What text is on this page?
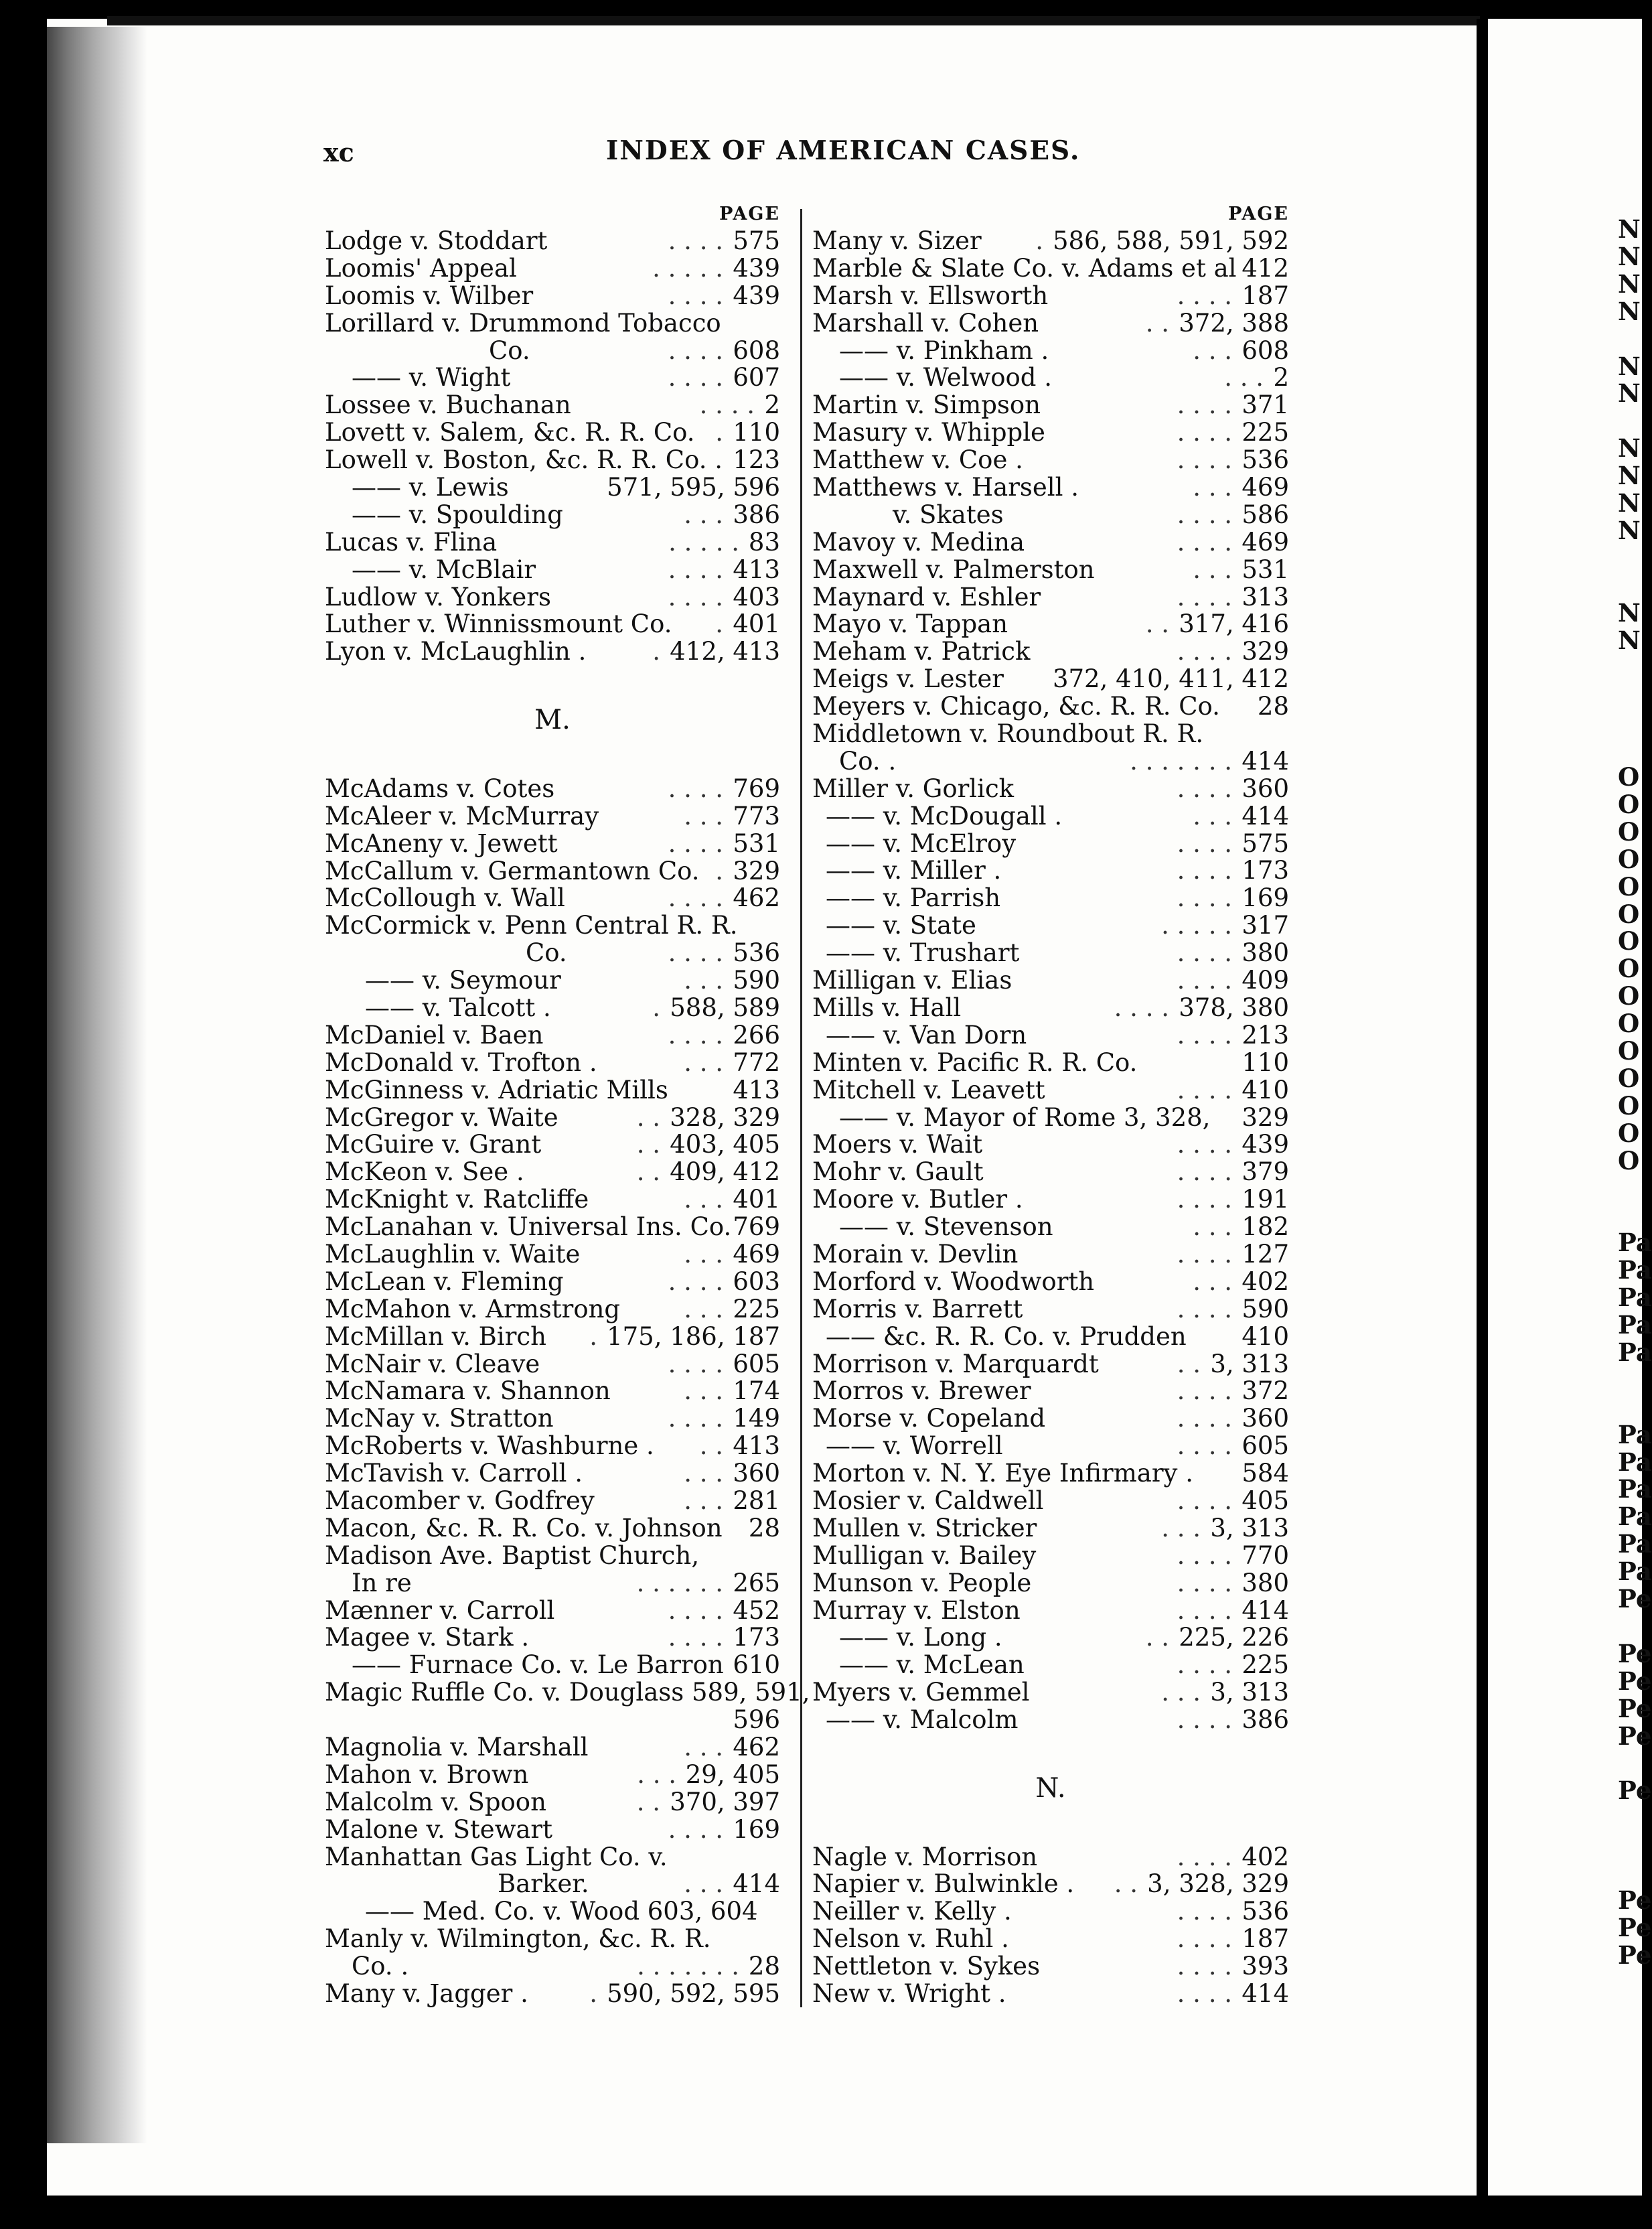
xc	INDEX OF AMERICAN CASES.
PAGE
Lodge v. Stoddart	. . . . 575
Loomis' Appeal	. . . . . 439
Loomis v. Wilber	. . . . 439
Lorillard v. Drummond Tobacco
Co.	. . . . 608
—— v. Wight	. . . . 607
Lossee v. Buchanan	. . . . 2
Lovett v. Salem, &c. R. R. Co. . 110
Lowell v. Boston, &c. R. R. Co. . 123
—— v. Lewis	571, 595, 596
—— v. Spoulding	. . . 386
Lucas v. Flina	. . . . . 83
—— v. McBlair	. . . . 413
Ludlow v. Yonkers	. . . . 403
Luther v. Winnissmount Co.	. 401
Lyon v. McLaughlin .	. 412, 413
M.
McAdams v. Cotes	. . . . 769
McAleer v. McMurray	. . . 773
McAneny v. Jewett	. . . . 531
McCallum v. Germantown Co. . 329
McCollough v. Wall	. . . . 462
McCormick v. Penn Central R. R.
Co.	. . . . 536
—— v. Seymour	. . . 590
—— v. Talcott .	. 588, 589
McDaniel v. Baen	. . . . 266
McDonald v. Trofton .	. . . 772
McGinness v. Adriatic Mills	413
McGregor v. Waite	. . 328, 329
McGuire v. Grant	. . 403, 405
McKeon v. See .	. . 409, 412
McKnight v. Ratcliffe	. . . 401
McLanahan v. Universal Ins. Co. 769
McLaughlin v. Waite	. . . 469
McLean v. Fleming	. . . . 603
McMahon v. Armstrong	. . . 225
McMillan v. Birch	. 175, 186, 187
McNair v. Cleave	. . . . 605
McNamara v. Shannon	. . . 174
McNay v. Stratton	. . . . 149
McRoberts v. Washburne .	. . 413
McTavish v. Carroll .	. . . 360
Macomber v. Godfrey	. . . 281
Macon, &c. R. R. Co. v. Johnson 28
Madison Ave. Baptist Church,
In re	. . . . . . 265
Mænner v. Carroll	. . . . 452
Magee v. Stark .	. . . . 173
—— Furnace Co. v. Le Barron 610
Magic Ruffle Co. v. Douglass 589, 591,
596
Magnolia v. Marshall	. . . 462
Mahon v. Brown	. . . 29, 405
Malcolm v. Spoon	. . 370, 397
Malone v. Stewart	. . . . 169
Manhattan Gas Light Co. v.
Barker.	. . . 414
—— Med. Co. v. Wood 603, 604
Manly v. Wilmington, &c. R. R.
Co. .	. . . . . . . 28
Many v. Jagger .	. 590, 592, 595
PAGE
Many v. Sizer	. 586, 588, 591, 592
Marble & Slate Co. v. Adams et al 412
Marsh v. Ellsworth	. . . . 187
Marshall v. Cohen	. . 372, 388
—— v. Pinkham .	. . . 608
—— v. Welwood .	. . . 2
Martin v. Simpson	. . . . 371
Masury v. Whipple	. . . . 225
Matthew v. Coe .	. . . . 536
Matthews v. Harsell .	. . . 469
v. Skates	. . . . 586
Mavoy v. Medina	. . . . 469
Maxwell v. Palmerston	. . . 531
Maynard v. Eshler	. . . . 313
Mayo v. Tappan	. . 317, 416
Meham v. Patrick	. . . . 329
Meigs v. Lester 372, 410, 411, 412
Meyers v. Chicago, &c. R. R. Co. 28
Middletown v. Roundbout R. R.
Co. .	. . . . . . . 414
Miller v. Gorlick	. . . . 360
—— v. McDougall .	. . . 414
—— v. McElroy	. . . . 575
—— v. Miller .	. . . . 173
—— v. Parrish	. . . . 169
—— v. State	. . . . . 317
—— v. Trushart	. . . . 380
Milligan v. Elias	. . . . 409
Mills v. Hall	. . . . 378, 380
—— v. Van Dorn	. . . . 213
Minten v. Pacific R. R. Co.	110
Mitchell v. Leavett	. . . . 410
—— v. Mayor of Rome 3, 328, 329
Moers v. Wait	. . . . 439
Mohr v. Gault	. . . . 379
Moore v. Butler .	. . . . 191
—— v. Stevenson	. . . 182
Morain v. Devlin	. . . . 127
Morford v. Woodworth	. . . 402
Morris v. Barrett	. . . . 590
—— &c. R. R. Co. v. Prudden 410
Morrison v. Marquardt	. . 3, 313
Morros v. Brewer	. . . . 372
Morse v. Copeland	. . . . 360
—— v. Worrell	. . . . 605
Morton v. N. Y. Eye Infirmary . 584
Mosier v. Caldwell	. . . . 405
Mullen v. Stricker	. . . 3, 313
Mulligan v. Bailey	. . . . 770
Munson v. People	. . . . 380
Murray v. Elston	. . . . 414
—— v. Long .	. . 225, 226
—— v. McLean	. . . . 225
Myers v. Gemmel	. . . 3, 313
—— v. Malcolm	. . . . 386
N.
Nagle v. Morrison	. . . . 402
Napier v. Bulwinkle .	. . 3, 328, 329
Neiller v. Kelly .	. . . . 536
Nelson v. Ruhl .	. . . . 187
Nettleton v. Sykes	. . . . 393
New v. Wright .	. . . . 414
N
N
N
N
N
N
N
N
N
N
N
N
O
O
O
O
O
O
O
O
O
O
O
O
O
O
O
Pa
Pa
Pa
Pa
Pa
Pa
Pa
Pa
Pa
Pa
Pa
Pe
Pe
Pe
Pe
Pe
Pe
Pe
Pe
Pe
